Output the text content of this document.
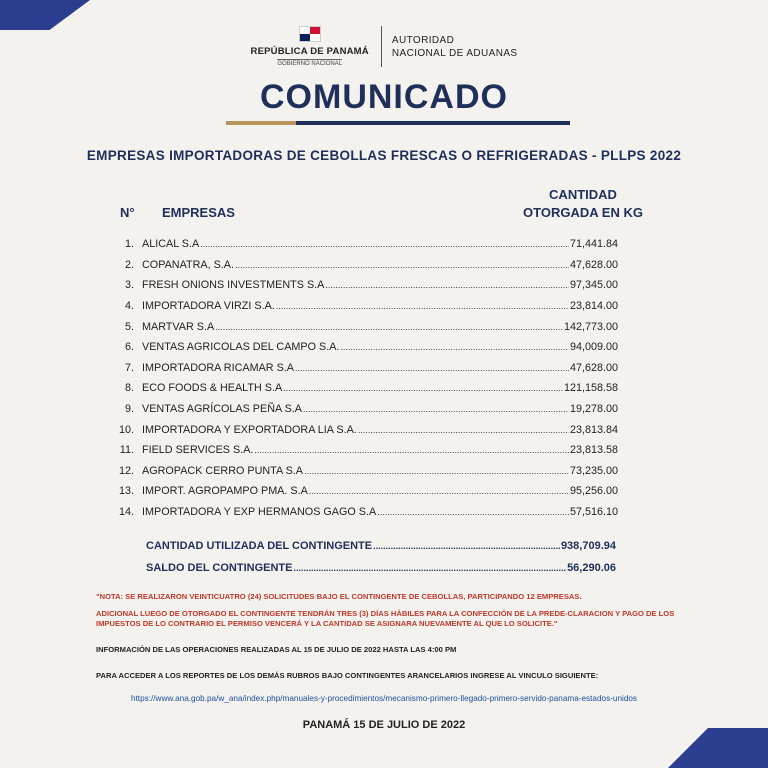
REPÚBLICA DE PANAMÁ
GOBIERNO NACIONAL
AUTORIDAD
NACIONAL DE ADUANAS
COMUNICADO
EMPRESAS IMPORTADORAS DE CEBOLLAS FRESCAS O REFRIGERADAS - PLLPS 2022
N° EMPRESAS
CANTIDAD
OTORGADA EN KG
1. ALICAL S.A .....	71,441.84
2. COPANATRA, S.A. .....	47,628.00
3. FRESH ONIONS INVESTMENTS S.A .....	97,345.00
4. IMPORTADORA VIRZI S.A. .....	23,814.00
5. MARTVAR S.A .....	142,773.00
6. VENTAS AGRICOLAS DEL CAMPO S.A. .....	94,009.00
7. IMPORTADORA RICAMAR S.A .....	47,628.00
8. ECO FOODS & HEALTH S.A .....	121,158.58
9. VENTAS AGRÍCOLAS PEÑA S.A .....	19,278.00
10. IMPORTADORA Y EXPORTADORA LIA S.A. .....	23,813.84
11. FIELD SERVICES S.A. .....	23,813.58
12. AGROPACK CERRO PUNTA S.A .....	73,235.00
13. IMPORT. AGROPAMPO PMA. S.A .....	95,256.00
14. IMPORTADORA Y EXP HERMANOS GAGO S.A .....	57,516.10
CANTIDAD UTILIZADA DEL CONTINGENTE .....	938,709.94
SALDO DEL CONTINGENTE .....	56,290.06
"NOTA: SE REALIZARON VEINTICUATRO (24) SOLICITUDES BAJO EL CONTINGENTE DE CEBOLLAS, PARTICIPANDO 12 EMPRESAS.
ADICIONAL LUEGO DE OTORGADO EL CONTINGENTE TENDRÁN TRES (3) DÍAS HÁBILES PARA LA CONFECCIÓN DE LA PREDE-CLARACION Y PAGO DE LOS IMPUESTOS DE LO CONTRARIO EL PERMISO VENCERÁ Y LA CANTIDAD SE ASIGNARA NUEVAMENTE AL QUE LO SOLICITE."
INFORMACIÓN DE LAS OPERACIONES REALIZADAS AL 15 DE JULIO DE 2022 HASTA LAS 4:00 PM
PARA ACCEDER A LOS REPORTES DE LOS DEMÁS RUBROS BAJO CONTINGENTES ARANCELARIOS INGRESE AL VINCULO SIGUIENTE:
https://www.ana.gob.pa/w_ana/index.php/manuales-y-procedimientos/mecanismo-primero-llegado-primero-servido-panama-estados-unidos
PANAMÁ 15 DE JULIO DE 2022
